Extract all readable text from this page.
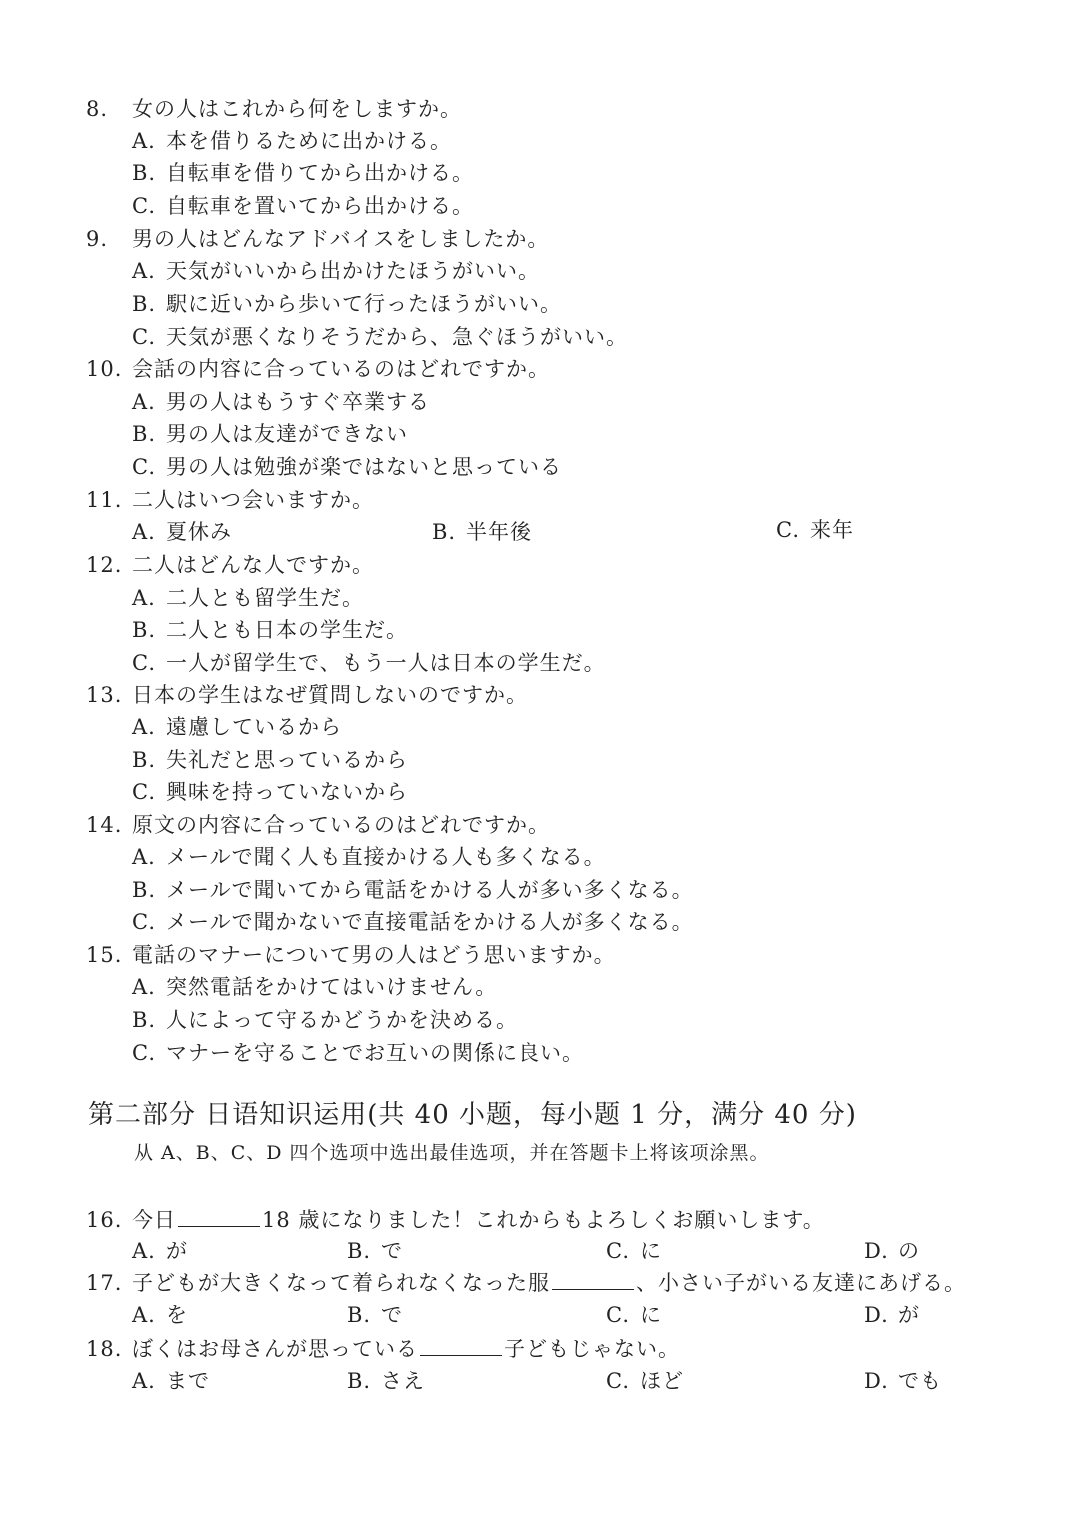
8. 女の人はこれから何をしますか。
A. 本を借りるために出かける。
B. 自転車を借りてから出かける。
C. 自転車を置いてから出かける。
9. 男の人はどんなアドバイスをしましたか。
A. 天気がいいから出かけたほうがいい。
B. 駅に近いから歩いて行ったほうがいい。
C. 天気が悪くなりそうだから、急ぐほうがいい。
10. 会話の内容に合っているのはどれですか。
A. 男の人はもうすぐ卒業する
B. 男の人は友達ができない
C. 男の人は勉強が楽ではないと思っている
11. 二人はいつ会いますか。
A. 夏休み	B. 半年後	C. 来年
12. 二人はどんな人ですか。
A. 二人とも留学生だ。
B. 二人とも日本の学生だ。
C. 一人が留学生で、もう一人は日本の学生だ。
13. 日本の学生はなぜ質問しないのですか。
A. 遠慮しているから
B. 失礼だと思っているから
C. 興味を持っていないから
14. 原文の内容に合っているのはどれですか。
A. メールで聞く人も直接かける人も多くなる。
B. メールで聞いてから電話をかける人が多い多くなる。
C. メールで聞かないで直接電話をかける人が多くなる。
15. 電話のマナーについて男の人はどう思いますか。
A. 突然電話をかけてはいけません。
B. 人によって守るかどうかを決める。
C. マナーを守ることでお互いの関係に良い。
第二部分 日语知识运用(共 40 小题，每小题 1 分，满分 40 分)
从 A、B、C、D 四个选项中选出最佳选项，并在答题卡上将该项涂黑。
16. 今日	18 歳になりました！これからもよろしくお願いします。
A. が	B. で	C. に	D. の
17. 子どもが大きくなって着られなくなった服	、小さい子がいる友達にあげる。
A. を	B. で	C. に	D. が
18. ぼくはお母さんが思っている	子どもじゃない。
A. まで	B. さえ	C. ほど	D. でも
